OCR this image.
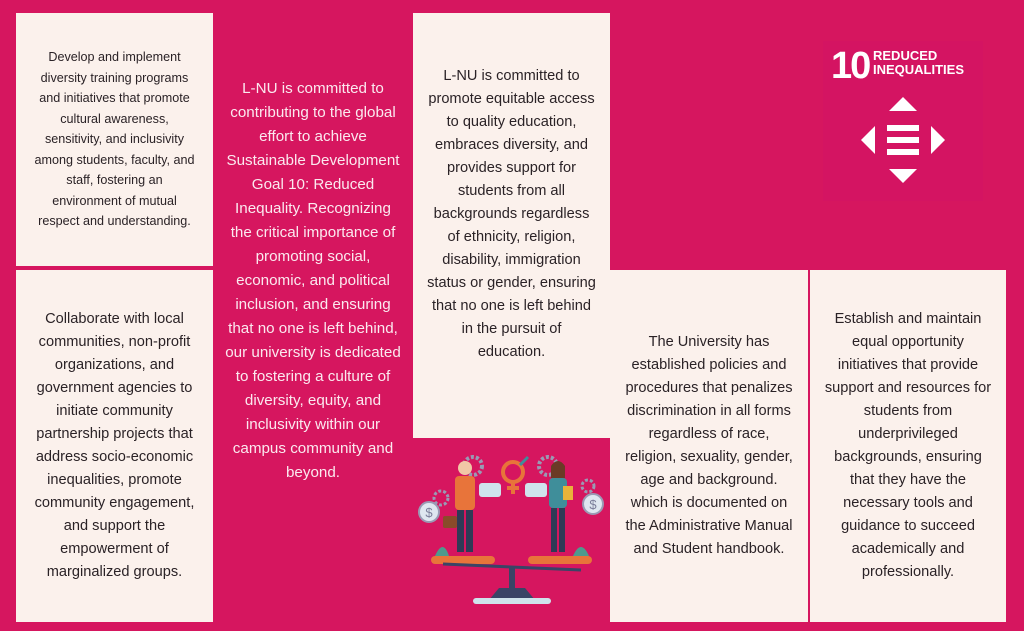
Develop and implement diversity training programs and initiatives that promote cultural awareness, sensitivity, and inclusivity among students, faculty, and staff, fostering an environment of mutual respect and understanding.

Collaborate with local communities, non-profit organizations, and government agencies to initiate community partnership projects that address socio-economic inequalities, promote community engagement, and support the empowerment of marginalized groups.

L-NU is committed to contributing to the global effort to achieve Sustainable Development Goal 10: Reduced Inequality. Recognizing the critical importance of promoting social, economic, and political inclusion, and ensuring that no one is left behind, our university is dedicated to fostering a culture of diversity, equity, and inclusivity within our campus community and beyond.

L-NU is committed to promote equitable access to quality education, embraces diversity, and provides support for students from all backgrounds regardless of ethnicity, religion, disability, immigration status or gender, ensuring that no one is left behind in the pursuit of education.

$
$
10 REDUCED INEQUALITIES

The University has established policies and procedures that penalizes discrimination in all forms regardless of race, religion, sexuality, gender, age and background. which is documented on the Administrative Manual and Student handbook.

Establish and maintain equal opportunity initiatives that provide support and resources for students from underprivileged backgrounds, ensuring that they have the necessary tools and guidance to succeed academically and professionally.
